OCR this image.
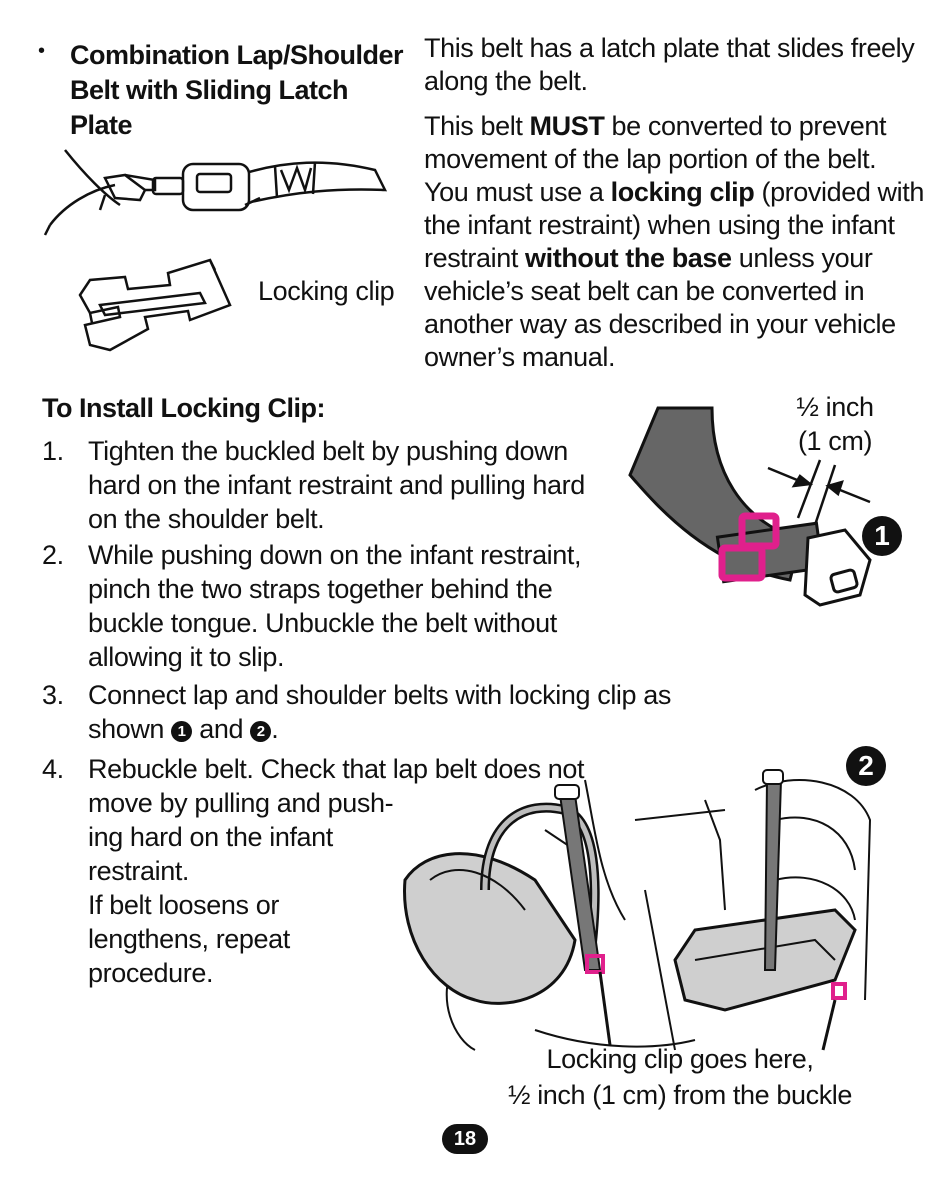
• Combination Lap/Shoulder Belt with Sliding Latch Plate
This belt has a latch plate that slides freely along the belt.
This belt MUST be converted to prevent movement of the lap portion of the belt. You must use a locking clip (provided with the infant restraint) when using the infant restraint without the base unless your vehicle’s seat belt can be converted in another way as described in your vehicle owner’s manual.
Locking clip
To Install Locking Clip:
1. Tighten the buckled belt by pushing down hard on the infant restraint and pulling hard on the shoulder belt.
2. While pushing down on the infant restraint, pinch the two straps together behind the buckle tongue. Unbuckle the belt without allowing it to slip.
3. Connect lap and shoulder belts with locking clip as shown 1 and 2 .
4. Rebuckle belt. Check that lap belt does not
move by pulling and push-
ing hard on the infant
restraint.
If belt loosens or
lengthens, repeat
procedure.
½ inch
(1 cm)
1
2
Locking clip goes here,
½ inch (1 cm) from the buckle
18
